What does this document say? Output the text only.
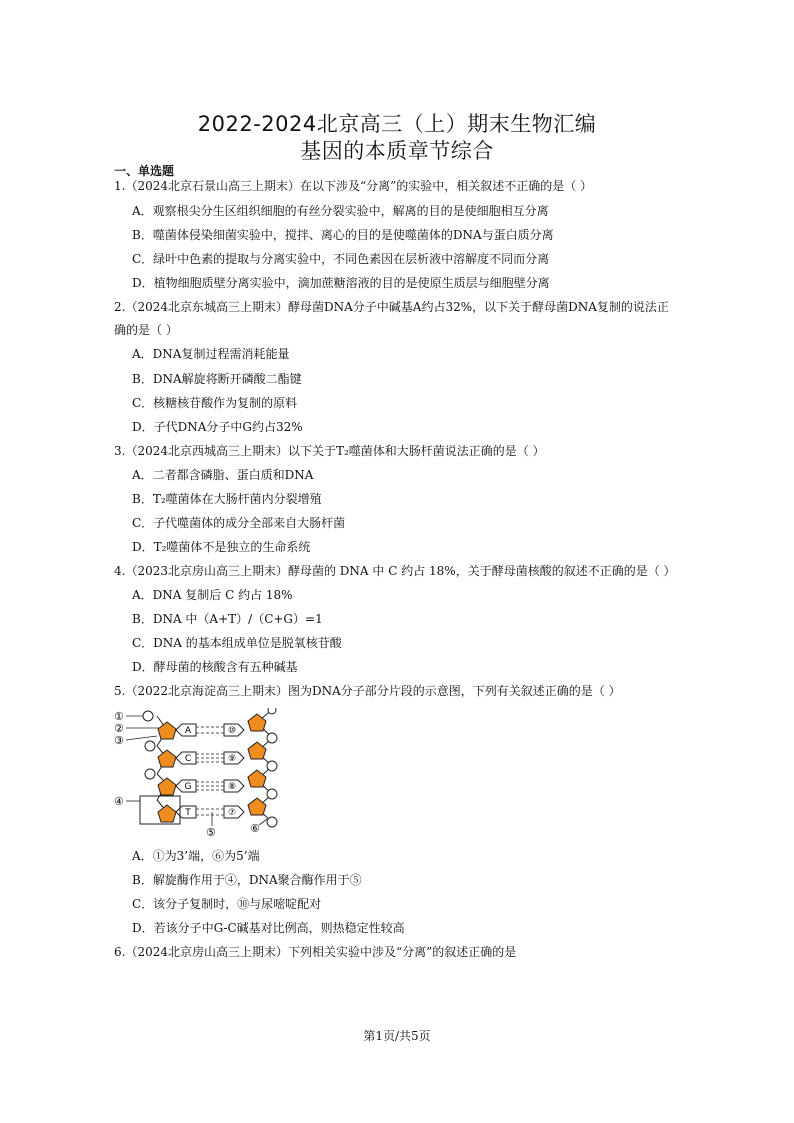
2022-2024北京高三（上）期末生物汇编
基因的本质章节综合
一、单选题
1.（2024北京石景山高三上期末）在以下涉及“分离”的实验中，相关叙述不正确的是（ ）
A．观察根尖分生区组织细胞的有丝分裂实验中，解离的目的是使细胞相互分离
B．噬菌体侵染细菌实验中，搅拌、离心的目的是使噬菌体的DNA与蛋白质分离
C．绿叶中色素的提取与分离实验中，不同色素因在层析液中溶解度不同而分离
D．植物细胞质壁分离实验中，滴加蔗糖溶液的目的是使原生质层与细胞壁分离
2.（2024北京东城高三上期末）酵母菌DNA分子中碱基A约占32%，以下关于酵母菌DNA复制的说法正
确的是（ ）
A．DNA复制过程需消耗能量
B．DNA解旋将断开磷酸二酯键
C．核糖核苷酸作为复制的原料
D．子代DNA分子中G约占32%
3.（2024北京西城高三上期末）以下关于T₂噬菌体和大肠杆菌说法正确的是（ ）
A．二者都含磷脂、蛋白质和DNA
B．T₂噬菌体在大肠杆菌内分裂增殖
C．子代噬菌体的成分全部来自大肠杆菌
D．T₂噬菌体不是独立的生命系统
4.（2023北京房山高三上期末）酵母菌的 DNA 中 C 约占 18%，关于酵母菌核酸的叙述不正确的是（ ）
A．DNA 复制后 C 约占 18%
B．DNA 中（A+T）/（C+G）=1
C．DNA 的基本组成单位是脱氧核苷酸
D．酵母菌的核酸含有五种碱基
5.（2022北京海淀高三上期末）图为DNA分子部分片段的示意图，下列有关叙述正确的是（ ）
A
C
G
T
⑩
⑨
⑧
⑦
①
②
③
④
⑤	⑥
A．①为3’端，⑥为5’端
B．解旋酶作用于④，DNA聚合酶作用于⑤
C．该分子复制时，⑩与尿嘧啶配对
D．若该分子中G-C碱基对比例高，则热稳定性较高
6.（2024北京房山高三上期末）下列相关实验中涉及“分离”的叙述正确的是
第1页/共5页
